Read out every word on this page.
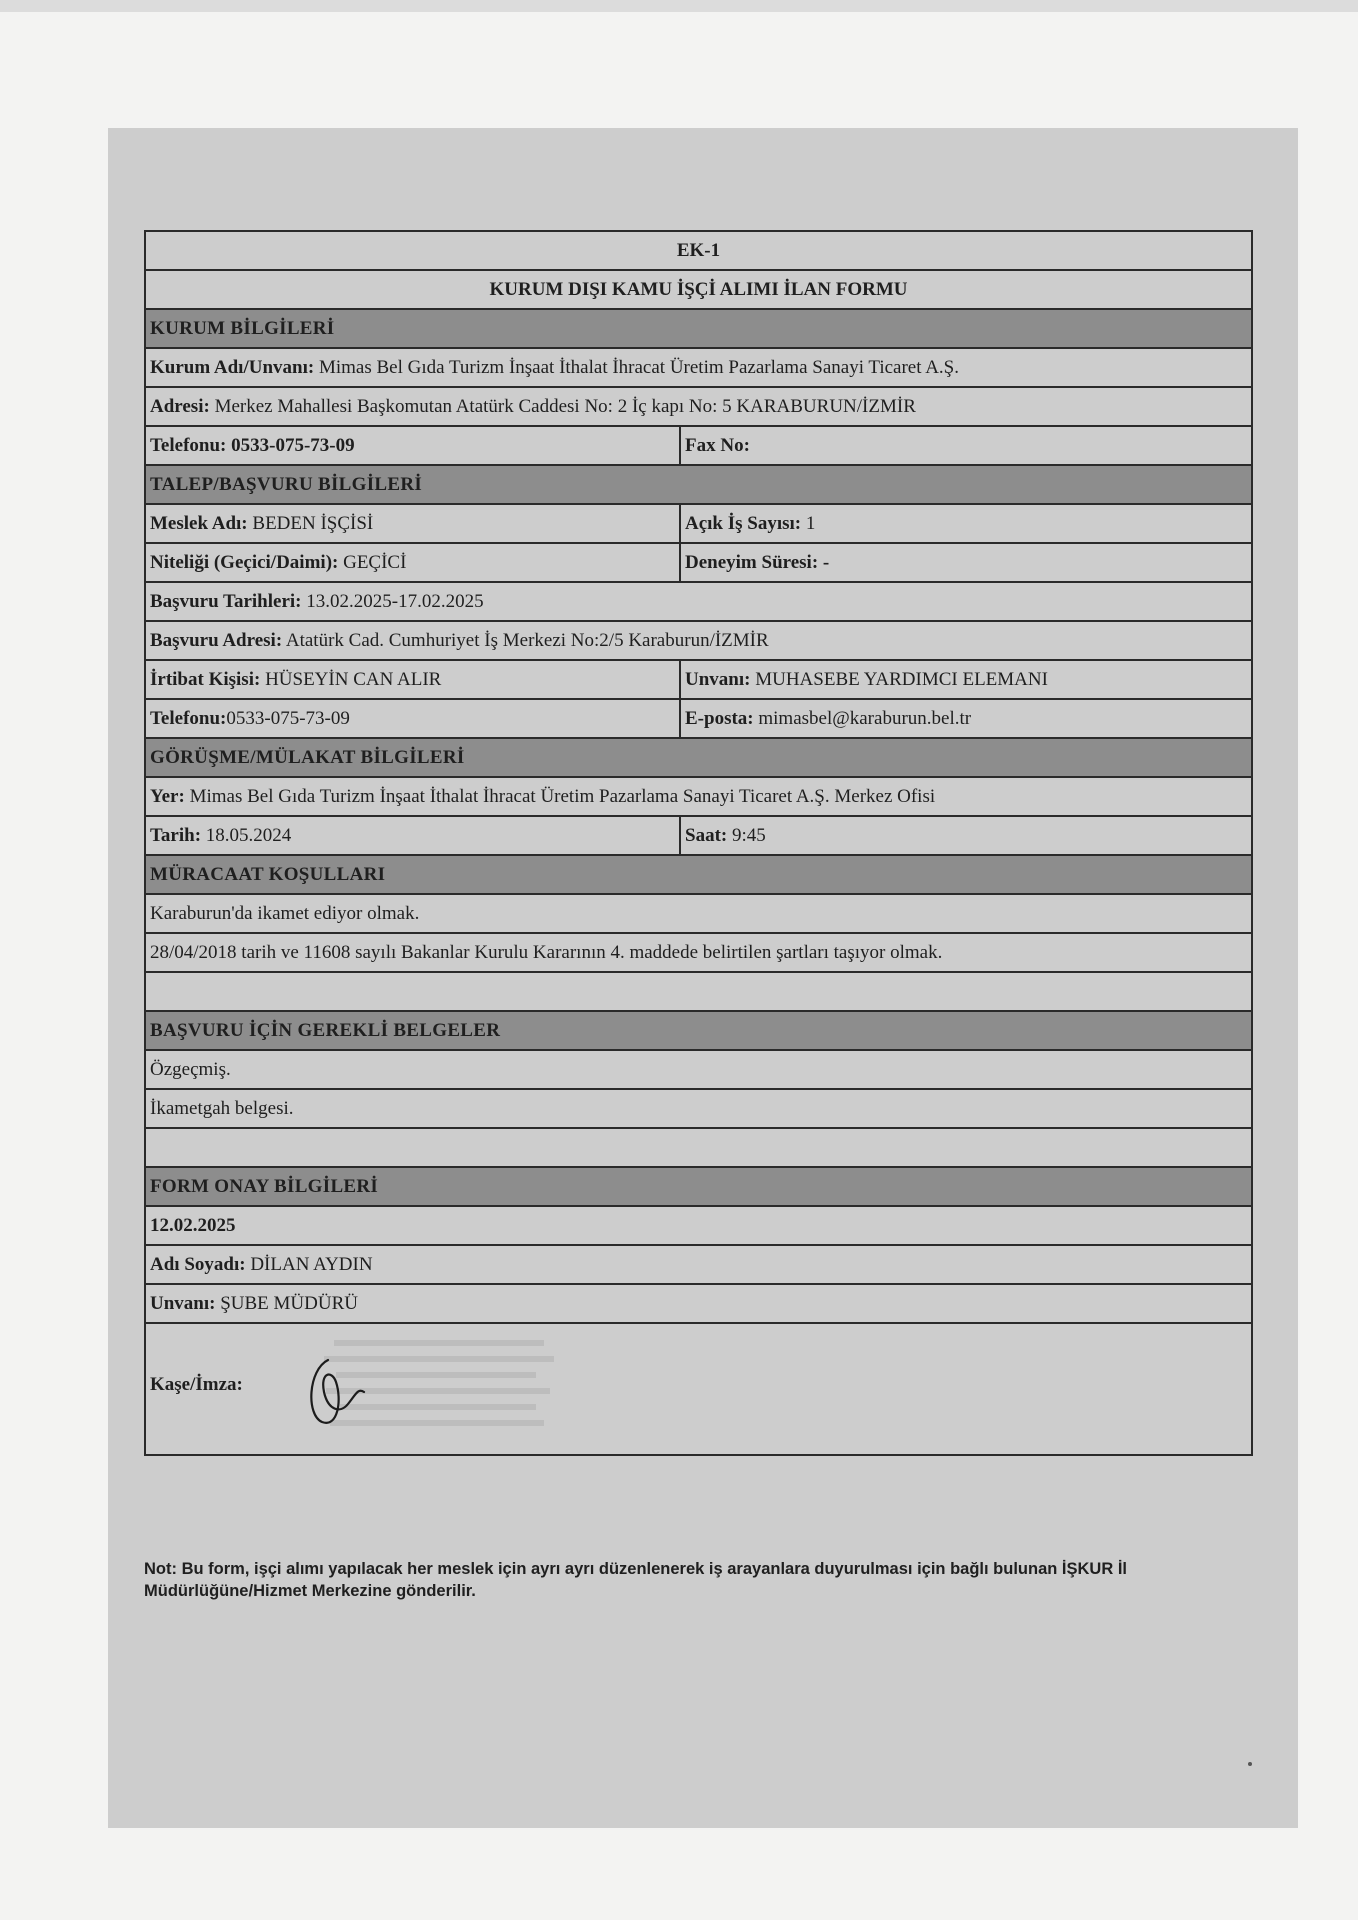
EK-1	
KURUM DIŞI KAMU İŞÇİ ALIMI İLAN FORMU	
KURUM BİLGİLERİ	
Kurum Adı/Unvanı: Mimas Bel Gıda Turizm İnşaat İthalat İhracat Üretim Pazarlama Sanayi Ticaret A.Ş.	
Adresi: Merkez Mahallesi Başkomutan Atatürk Caddesi No: 2 İç kapı No: 5 KARABURUN/İZMİR	
Telefonu: 0533-075-73-09	Fax No:
TALEP/BAŞVURU BİLGİLERİ	
Meslek Adı: BEDEN İŞÇİSİ	Açık İş Sayısı: 1
Niteliği (Geçici/Daimi): GEÇİCİ	Deneyim Süresi: -
Başvuru Tarihleri: 13.02.2025-17.02.2025	
Başvuru Adresi: Atatürk Cad. Cumhuriyet İş Merkezi No:2/5 Karaburun/İZMİR	
İrtibat Kişisi: HÜSEYİN CAN ALIR	Unvanı: MUHASEBE YARDIMCI ELEMANI
Telefonu:0533-075-73-09	E-posta: mimasbel@karaburun.bel.tr
GÖRÜŞME/MÜLAKAT BİLGİLERİ	
Yer: Mimas Bel Gıda Turizm İnşaat İthalat İhracat Üretim Pazarlama Sanayi Ticaret A.Ş. Merkez Ofisi	
Tarih: 18.05.2024	Saat: 9:45
MÜRACAAT KOŞULLARI	
Karaburun'da ikamet ediyor olmak.	
28/04/2018 tarih ve 11608 sayılı Bakanlar Kurulu Kararının 4. maddede belirtilen şartları taşıyor olmak.	

BAŞVURU İÇİN GEREKLİ BELGELER	
Özgeçmiş.	
İkametgah belgesi.	

FORM ONAY BİLGİLERİ	
12.02.2025	
Adı Soyadı: DİLAN AYDIN	
Unvanı: ŞUBE MÜDÜRÜ	

Kaşe/İmza:	
Not: Bu form, işçi alımı yapılacak her meslek için ayrı ayrı düzenlenerek iş arayanlara duyurulması için bağlı bulunan İŞKUR İl Müdürlüğüne/Hizmet Merkezine gönderilir.
